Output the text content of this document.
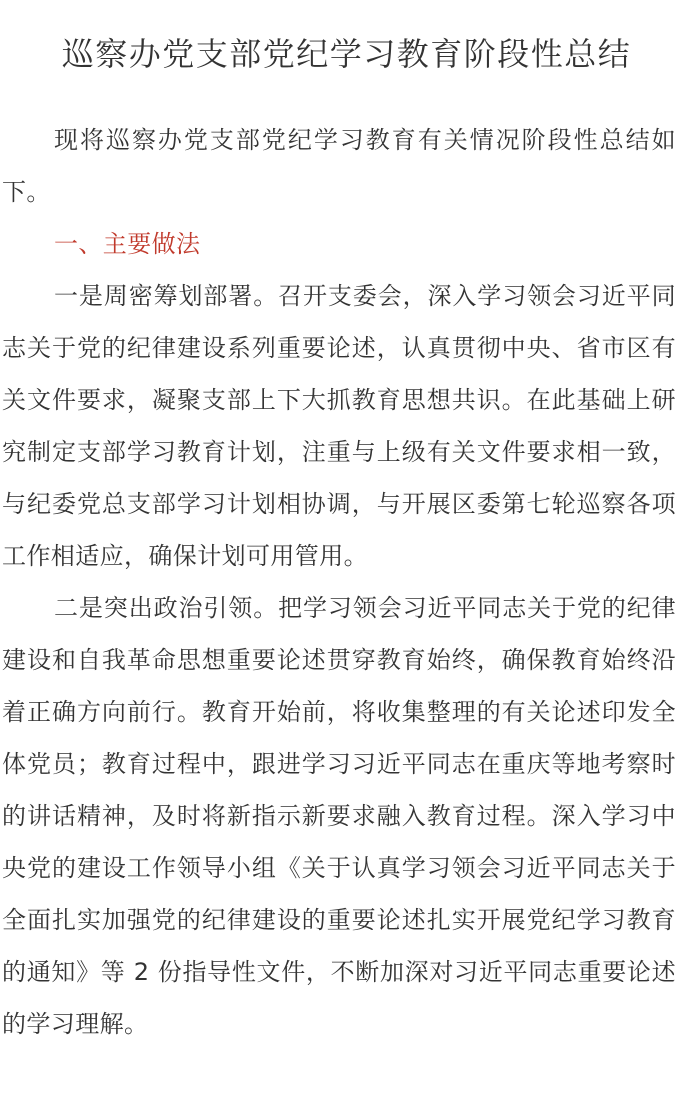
巡察办党支部党纪学习教育阶段性总结

现将巡察办党支部党纪学习教育有关情况阶段性总结如下。

一、主要做法

一是周密筹划部署。召开支委会，深入学习领会习近平同志关于党的纪律建设系列重要论述，认真贯彻中央、省市区有关文件要求，凝聚支部上下大抓教育思想共识。在此基础上研究制定支部学习教育计划，注重与上级有关文件要求相一致，与纪委党总支部学习计划相协调，与开展区委第七轮巡察各项工作相适应，确保计划可用管用。

二是突出政治引领。把学习领会习近平同志关于党的纪律建设和自我革命思想重要论述贯穿教育始终，确保教育始终沿着正确方向前行。教育开始前，将收集整理的有关论述印发全体党员；教育过程中，跟进学习习近平同志在重庆等地考察时的讲话精神，及时将新指示新要求融入教育过程。深入学习中央党的建设工作领导小组《关于认真学习领会习近平同志关于全面扎实加强党的纪律建设的重要论述扎实开展党纪学习教育的通知》等 2 份指导性文件，不断加深对习近平同志重要论述的学习理解。
